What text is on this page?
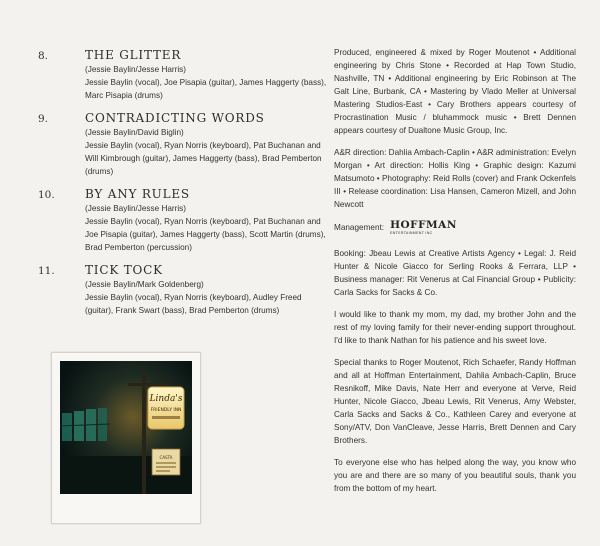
8.	THE GLITTER
(Jessie Baylin/Jesse Harris)
Jessie Baylin (vocal), Joe Pisapia (guitar), James Haggerty (bass), Marc Pisapia (drums)
9.	CONTRADICTING WORDS
(Jessie Baylin/David Biglin)
Jessie Baylin (vocal), Ryan Norris (keyboard), Pat Buchanan and Will Kimbrough (guitar), James Haggerty (bass), Brad Pemberton (drums)
10.	BY ANY RULES
(Jessie Baylin/Jesse Harris)
Jessie Baylin (vocal), Ryan Norris (keyboard), Pat Buchanan and Joe Pisapia (guitar), James Haggerty (bass), Scott Martin (drums), Brad Pemberton (percussion)
11.	TICK TOCK
(Jessie Baylin/Mark Goldenberg)
Jessie Baylin (vocal), Ryan Norris (keyboard), Audley Freed (guitar), Frank Swart (bass), Brad Pemberton (drums)
Linda's
FRIENDLY INN
CASTA

Produced, engineered & mixed by Roger Moutenot • Additional engineering by Chris Stone • Recorded at Hap Town Studio, Nashville, TN • Additional engineering by Eric Robinson at The Galt Line, Burbank, CA • Mastering by Vlado Meller at Universal Mastering Studios-East • Cary Brothers appears courtesy of Procrastination Music / bluhammock music • Brett Dennen appears courtesy of Dualtone Music Group, Inc.

A&R direction: Dahlia Ambach-Caplin • A&R administration: Evelyn Morgan • Art direction: Hollis King • Graphic design: Kazumi Matsumoto • Photography: Reid Rolls (cover) and Frank Ockenfels III • Release coordination: Lisa Hansen, Cameron Mizell, and John Newcott

Management: HOFFMAN
ENTERTAINMENT INC

Booking: Jbeau Lewis at Creative Artists Agency • Legal: J. Reid Hunter & Nicole Giacco for Serling Rooks & Ferrara, LLP • Business manager: Rit Venerus at Cal Financial Group • Publicity: Carla Sacks for Sacks & Co.

I would like to thank my mom, my dad, my brother John and the rest of my loving family for their never-ending support throughout. I'd like to thank Nathan for his patience and his sweet love.

Special thanks to Roger Moutenot, Rich Schaefer, Randy Hoffman and all at Hoffman Entertainment, Dahlia Ambach-Caplin, Bruce Resnikoff, Mike Davis, Nate Herr and everyone at Verve, Reid Hunter, Nicole Giacco, Jbeau Lewis, Rit Venerus, Amy Webster, Carla Sacks and Sacks & Co., Kathleen Carey and everyone at Sony/ATV, Don VanCleave, Jesse Harris, Brett Dennen and Cary Brothers.

To everyone else who has helped along the way, you know who you are and there are so many of you beautiful souls, thank you from the bottom of my heart.
